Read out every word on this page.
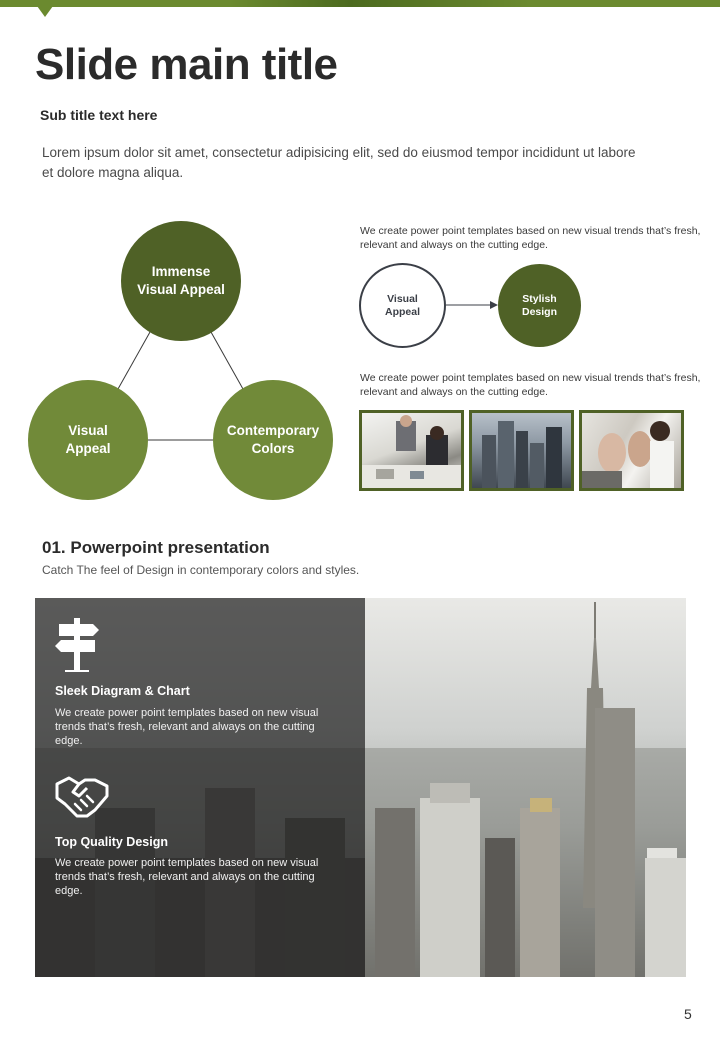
Slide main title
Sub title text here

Lorem ipsum dolor sit amet, consectetur adipisicing elit, sed do eiusmod tempor incididunt ut labore et dolore magna aliqua.

Immense
Visual Appeal
Visual
Appeal
Contemporary
Colors

We create power point templates based on new visual trends that’s fresh, relevant and always on the cutting edge.

Visual
Appeal
Stylish
Design

We create power point templates based on new visual trends that’s fresh, relevant and always on the cutting edge.

01. Powerpoint presentation

Catch The feel of Design in contemporary colors and styles.

Sleek Diagram & Chart

We create power point templates based on new visual trends that’s fresh, relevant and always on the cutting edge.

Top Quality Design

We create power point templates based on new visual trends that’s fresh, relevant and always on the cutting edge.

5
